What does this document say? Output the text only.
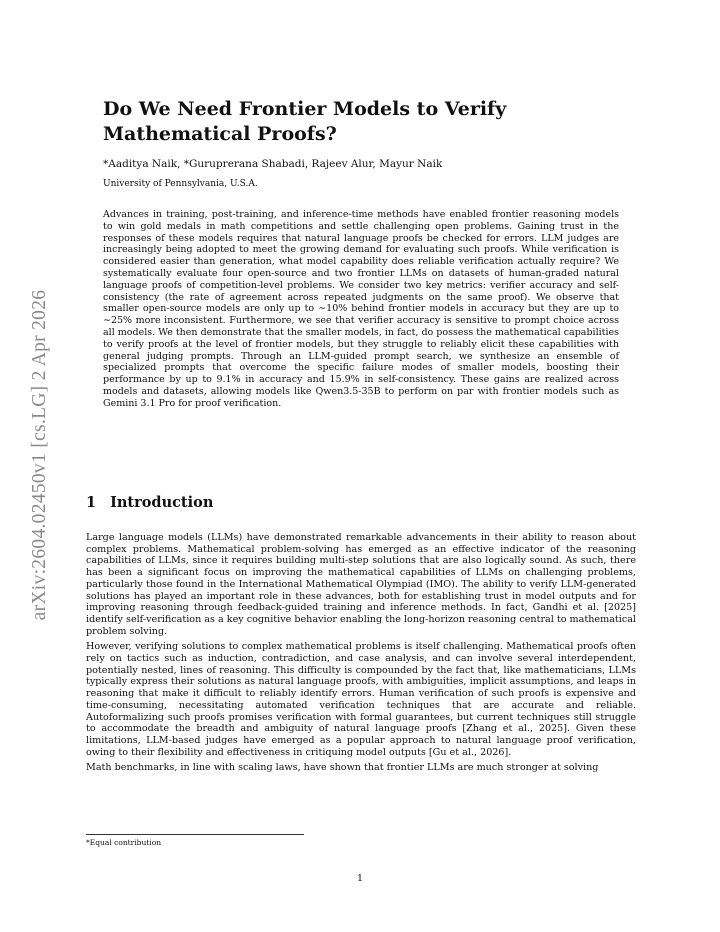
arXiv:2604.02450v1 [cs.LG] 2 Apr 2026
Do We Need Frontier Models to Verify Mathematical Proofs?
*Aaditya Naik, *Guruprerana Shabadi, Rajeev Alur, Mayur Naik
University of Pennsylvania, U.S.A.

Advances in training, post-training, and inference-time methods have enabled frontier reasoning models to win gold medals in math competitions and settle challenging open problems. Gaining trust in the responses of these models requires that natural language proofs be checked for errors. LLM judges are increasingly being adopted to meet the growing demand for evaluating such proofs. While verification is considered easier than generation, what model capability does reliable verification actually require? We systematically evaluate four open-source and two frontier LLMs on datasets of human-graded natural language proofs of competition-level problems. We consider two key metrics: verifier accuracy and self-consistency (the rate of agreement across repeated judgments on the same proof). We observe that smaller open-source models are only up to ∼10% behind frontier models in accuracy but they are up to ∼25% more inconsistent. Furthermore, we see that verifier accuracy is sensitive to prompt choice across all models. We then demonstrate that the smaller models, in fact, do possess the mathematical capabilities to verify proofs at the level of frontier models, but they struggle to reliably elicit these capabilities with general judging prompts. Through an LLM-guided prompt search, we synthesize an ensemble of specialized prompts that overcome the specific failure modes of smaller models, boosting their performance by up to 9.1% in accuracy and 15.9% in self-consistency. These gains are realized across models and datasets, allowing models like Qwen3.5-35B to perform on par with frontier models such as Gemini 3.1 Pro for proof verification.

1 Introduction

Large language models (LLMs) have demonstrated remarkable advancements in their ability to reason about complex problems. Mathematical problem-solving has emerged as an effective indicator of the reasoning capabilities of LLMs, since it requires building multi-step solutions that are also logically sound. As such, there has been a significant focus on improving the mathematical capabilities of LLMs on challenging problems, particularly those found in the International Mathematical Olympiad (IMO). The ability to verify LLM-generated solutions has played an important role in these advances, both for establishing trust in model outputs and for improving reasoning through feedback-guided training and inference methods. In fact, Gandhi et al. [2025] identify self-verification as a key cognitive behavior enabling the long-horizon reasoning central to mathematical problem solving.

However, verifying solutions to complex mathematical problems is itself challenging. Mathematical proofs often rely on tactics such as induction, contradiction, and case analysis, and can involve several interdependent, potentially nested, lines of reasoning. This difficulty is compounded by the fact that, like mathematicians, LLMs typically express their solutions as natural language proofs, with ambiguities, implicit assumptions, and leaps in reasoning that make it difficult to reliably identify errors. Human verification of such proofs is expensive and time-consuming, necessitating automated verification techniques that are accurate and reliable. Autoformalizing such proofs promises verification with formal guarantees, but current techniques still struggle to accommodate the breadth and ambiguity of natural language proofs [Zhang et al., 2025]. Given these limitations, LLM-based judges have emerged as a popular approach to natural language proof verification, owing to their flexibility and effectiveness in critiquing model outputs [Gu et al., 2026].

Math benchmarks, in line with scaling laws, have shown that frontier LLMs are much stronger at solving

*Equal contribution
1
